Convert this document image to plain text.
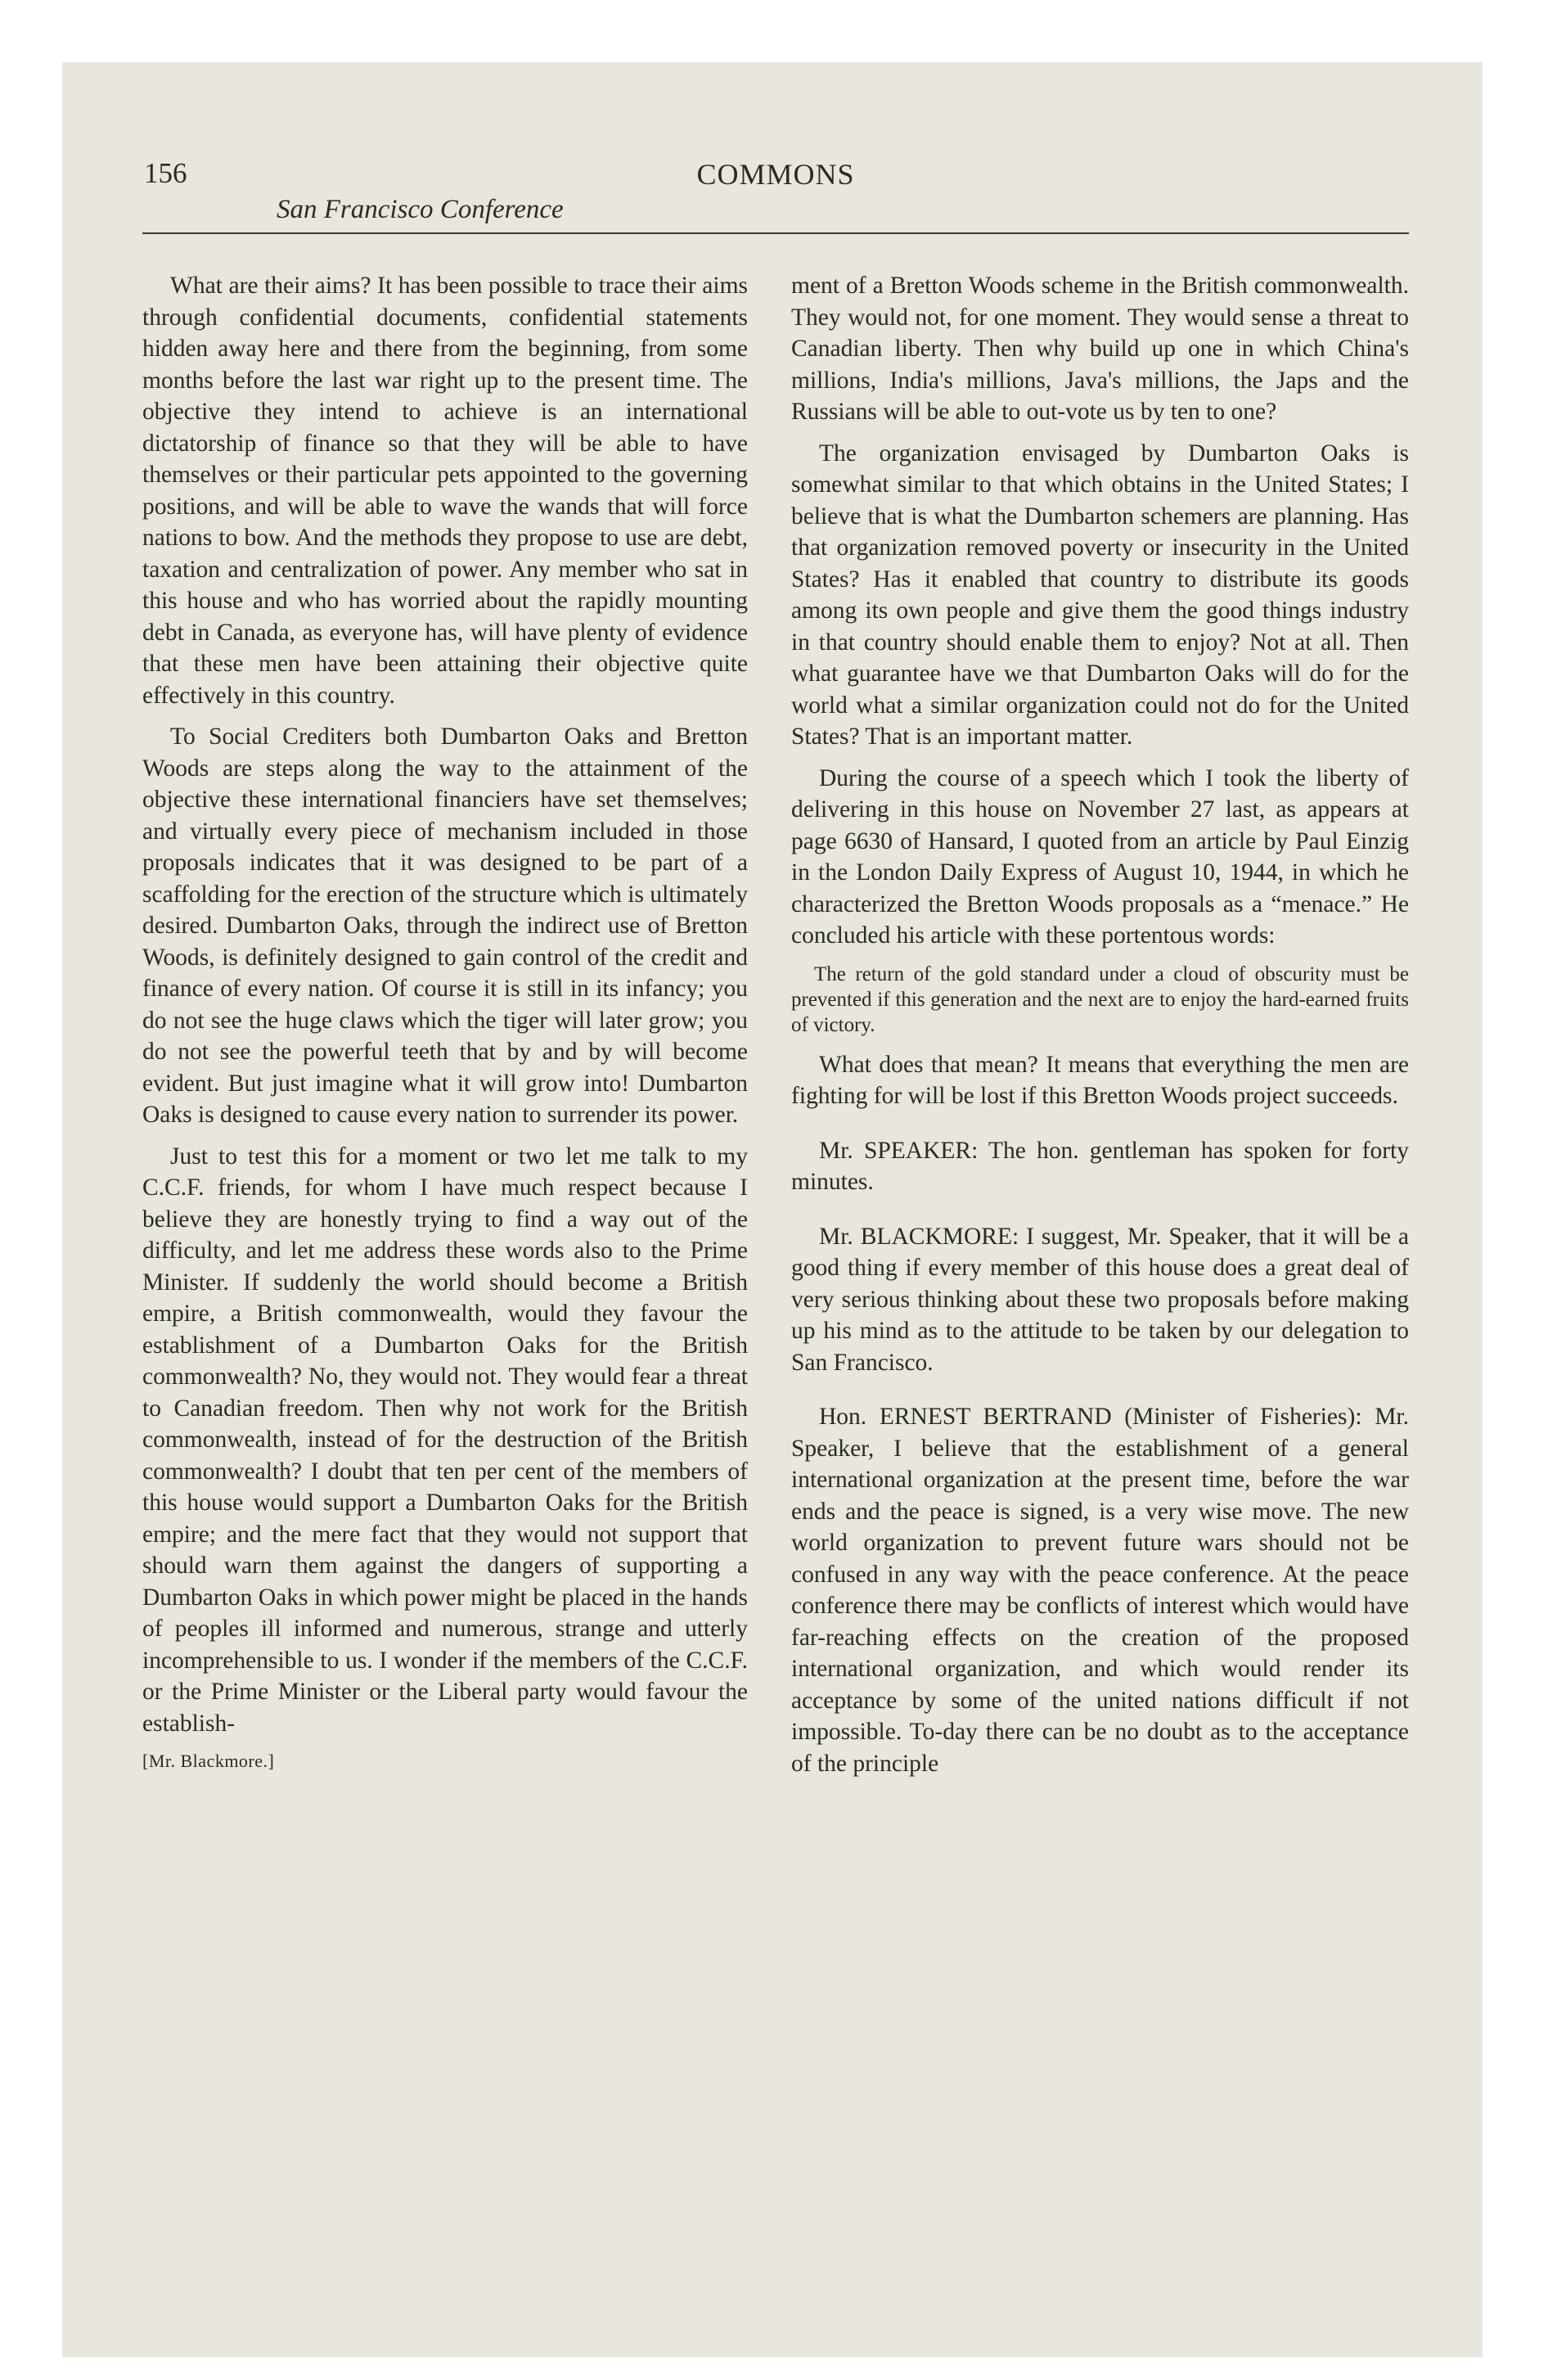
156	COMMONS
San Francisco Conference

What are their aims? It has been possible to trace their aims through confidential documents, confidential statements hidden away here and there from the beginning, from some months before the last war right up to the present time. The objective they intend to achieve is an international dictatorship of finance so that they will be able to have themselves or their particular pets appointed to the governing positions, and will be able to wave the wands that will force nations to bow. And the methods they propose to use are debt, taxation and centralization of power. Any member who sat in this house and who has worried about the rapidly mounting debt in Canada, as everyone has, will have plenty of evidence that these men have been attaining their objective quite effectively in this country.

To Social Crediters both Dumbarton Oaks and Bretton Woods are steps along the way to the attainment of the objective these international financiers have set themselves; and virtually every piece of mechanism included in those proposals indicates that it was designed to be part of a scaffolding for the erection of the structure which is ultimately desired. Dumbarton Oaks, through the indirect use of Bretton Woods, is definitely designed to gain control of the credit and finance of every nation. Of course it is still in its infancy; you do not see the huge claws which the tiger will later grow; you do not see the powerful teeth that by and by will become evident. But just imagine what it will grow into! Dumbarton Oaks is designed to cause every nation to surrender its power.

Just to test this for a moment or two let me talk to my C.C.F. friends, for whom I have much respect because I believe they are honestly trying to find a way out of the difficulty, and let me address these words also to the Prime Minister. If suddenly the world should become a British empire, a British commonwealth, would they favour the establishment of a Dumbarton Oaks for the British commonwealth? No, they would not. They would fear a threat to Canadian freedom. Then why not work for the British commonwealth, instead of for the destruction of the British commonwealth? I doubt that ten per cent of the members of this house would support a Dumbarton Oaks for the British empire; and the mere fact that they would not support that should warn them against the dangers of supporting a Dumbarton Oaks in which power might be placed in the hands of peoples ill informed and numerous, strange and utterly incomprehensible to us. I wonder if the members of the C.C.F. or the Prime Minister or the Liberal party would favour the establish-

[Mr. Blackmore.]

ment of a Bretton Woods scheme in the British commonwealth. They would not, for one moment. They would sense a threat to Canadian liberty. Then why build up one in which China's millions, India's millions, Java's millions, the Japs and the Russians will be able to out-vote us by ten to one?

The organization envisaged by Dumbarton Oaks is somewhat similar to that which obtains in the United States; I believe that is what the Dumbarton schemers are planning. Has that organization removed poverty or insecurity in the United States? Has it enabled that country to distribute its goods among its own people and give them the good things industry in that country should enable them to enjoy? Not at all. Then what guarantee have we that Dumbarton Oaks will do for the world what a similar organization could not do for the United States? That is an important matter.

During the course of a speech which I took the liberty of delivering in this house on November 27 last, as appears at page 6630 of Hansard, I quoted from an article by Paul Einzig in the London Daily Express of August 10, 1944, in which he characterized the Bretton Woods proposals as a “menace.” He concluded his article with these portentous words:

The return of the gold standard under a cloud of obscurity must be prevented if this generation and the next are to enjoy the hard-earned fruits of victory.

What does that mean? It means that everything the men are fighting for will be lost if this Bretton Woods project succeeds.

Mr. SPEAKER: The hon. gentleman has spoken for forty minutes.

Mr. BLACKMORE: I suggest, Mr. Speaker, that it will be a good thing if every member of this house does a great deal of very serious thinking about these two proposals before making up his mind as to the attitude to be taken by our delegation to San Francisco.

Hon. ERNEST BERTRAND (Minister of Fisheries): Mr. Speaker, I believe that the establishment of a general international organization at the present time, before the war ends and the peace is signed, is a very wise move. The new world organization to prevent future wars should not be confused in any way with the peace conference. At the peace conference there may be conflicts of interest which would have far-reaching effects on the creation of the proposed international organization, and which would render its acceptance by some of the united nations difficult if not impossible. To-day there can be no doubt as to the acceptance of the principle
